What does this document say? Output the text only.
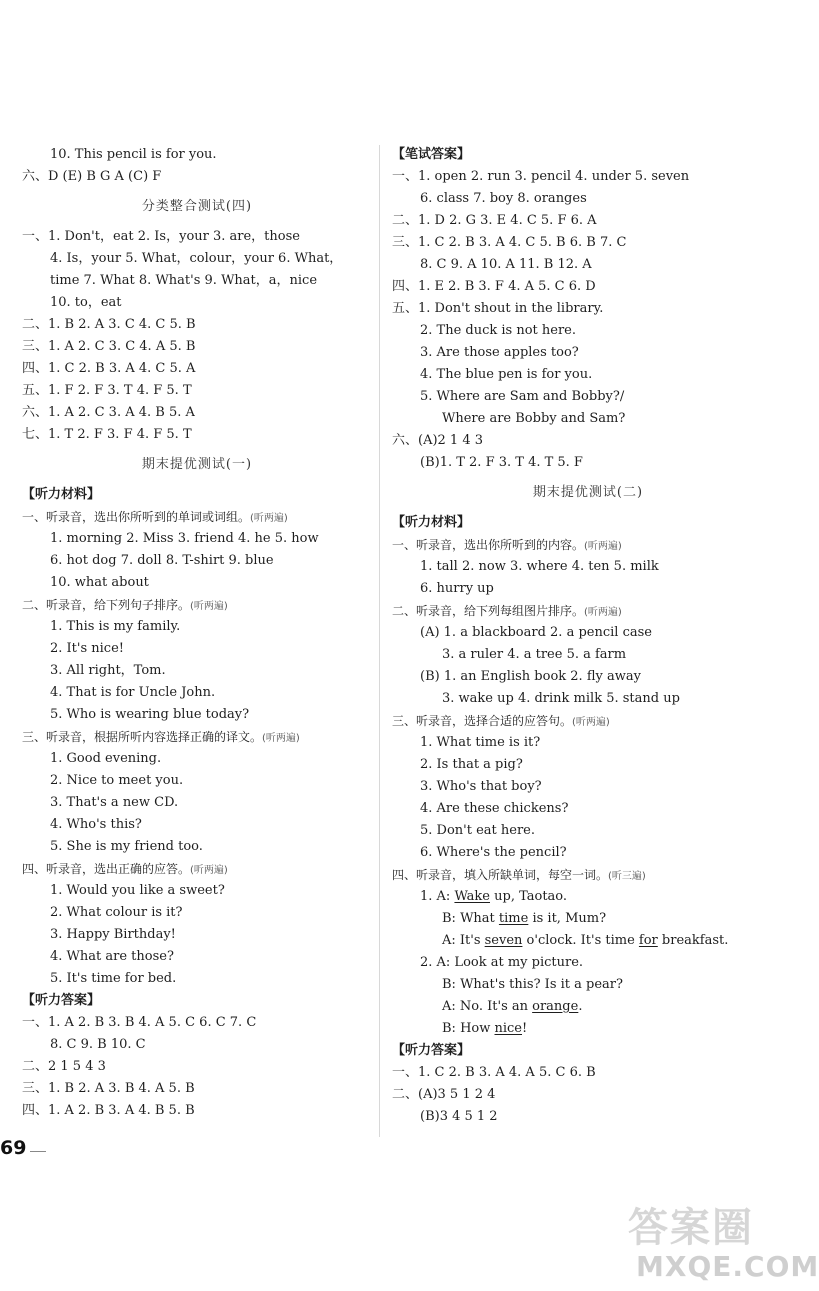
10. This pencil is for you.
六、D (E) B G A (C) F
分类整合测试(四)
一、1. Don't，eat 2. Is，your 3. are，those
4. Is，your 5. What，colour，your 6. What，
time 7. What 8. What's 9. What，a，nice
10. to，eat
二、1. B 2. A 3. C 4. C 5. B
三、1. A 2. C 3. C 4. A 5. B
四、1. C 2. B 3. A 4. C 5. A
五、1. F 2. F 3. T 4. F 5. T
六、1. A 2. C 3. A 4. B 5. A
七、1. T 2. F 3. F 4. F 5. T
期末提优测试(一)
【听力材料】
一、听录音，选出你所听到的单词或词组。(听两遍)
1. morning 2. Miss 3. friend 4. he 5. how
6. hot dog 7. doll 8. T-shirt 9. blue
10. what about
二、听录音，给下列句子排序。(听两遍)
1. This is my family.
2. It's nice!
3. All right，Tom.
4. That is for Uncle John.
5. Who is wearing blue today?
三、听录音，根据所听内容选择正确的译文。(听两遍)
1. Good evening.
2. Nice to meet you.
3. That's a new CD.
4. Who's this?
5. She is my friend too.
四、听录音，选出正确的应答。(听两遍)
1. Would you like a sweet?
2. What colour is it?
3. Happy Birthday!
4. What are those?
5. It's time for bed.
【听力答案】
一、1. A 2. B 3. B 4. A 5. C 6. C 7. C
8. C 9. B 10. C
二、2 1 5 4 3
三、1. B 2. A 3. B 4. A 5. B
四、1. A 2. B 3. A 4. B 5. B
【笔试答案】
一、1. open 2. run 3. pencil 4. under 5. seven
6. class 7. boy 8. oranges
二、1. D 2. G 3. E 4. C 5. F 6. A
三、1. C 2. B 3. A 4. C 5. B 6. B 7. C
8. C 9. A 10. A 11. B 12. A
四、1. E 2. B 3. F 4. A 5. C 6. D
五、1. Don't shout in the library.
2. The duck is not here.
3. Are those apples too?
4. The blue pen is for you.
5. Where are Sam and Bobby?/
Where are Bobby and Sam?
六、(A)2 1 4 3
(B)1. T 2. F 3. T 4. T 5. F
期末提优测试(二)
【听力材料】
一、听录音，选出你所听到的内容。(听两遍)
1. tall 2. now 3. where 4. ten 5. milk
6. hurry up
二、听录音，给下列每组图片排序。(听两遍)
(A) 1. a blackboard 2. a pencil case
3. a ruler 4. a tree 5. a farm
(B) 1. an English book 2. fly away
3. wake up 4. drink milk 5. stand up
三、听录音，选择合适的应答句。(听两遍)
1. What time is it?
2. Is that a pig?
3. Who's that boy?
4. Are these chickens?
5. Don't eat here.
6. Where's the pencil?
四、听录音，填入所缺单词，每空一词。(听三遍)
1. A: Wake up, Taotao.
B: What time is it, Mum?
A: It's seven o'clock. It's time for breakfast.
2. A: Look at my picture.
B: What's this? Is it a pear?
A: No. It's an orange.
B: How nice!
【听力答案】
一、1. C 2. B 3. A 4. A 5. C 6. B
二、(A)3 5 1 2 4
(B)3 4 5 1 2
69
答案圈
MXQE.COM
